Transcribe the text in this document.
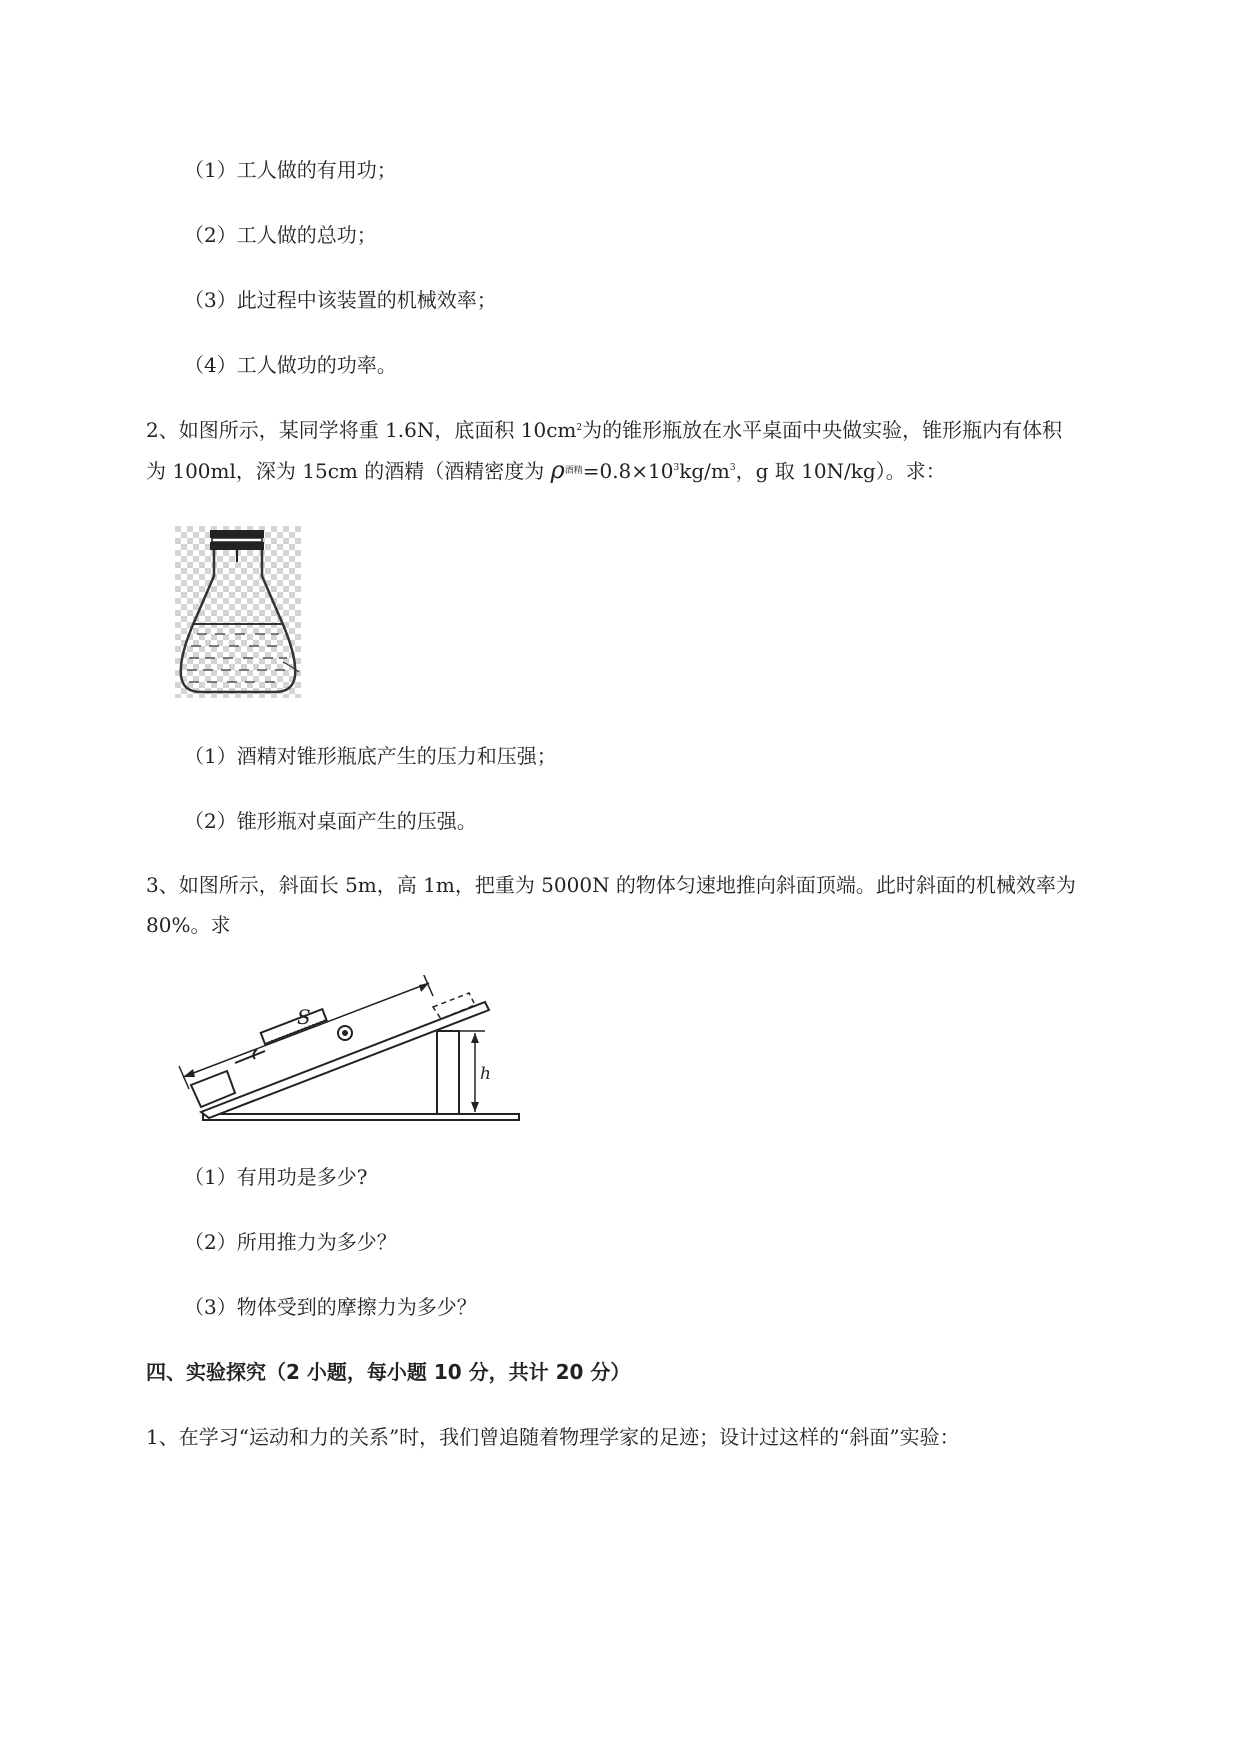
（1）工人做的有用功；
（2）工人做的总功；
（3）此过程中该装置的机械效率；
（4）工人做功的功率。
2、如图所示，某同学将重 1.6N，底面积 $10cm^2$为的锥形瓶放在水平桌面中央做实验，锥形瓶内有体积
为 100ml，深为 15cm 的酒精（酒精密度为 ρ酒精$=0.8\times 10^3kg/m^3$，g 取 10N/kg）。求：
（1）酒精对锥形瓶底产生的压力和压强；
（2）锥形瓶对桌面产生的压强。
3、如图所示，斜面长 5m，高 1m，把重为 5000N 的物体匀速地推向斜面顶端。此时斜面的机械效率为
80%。求
S
h
（1）有用功是多少?
（2）所用推力为多少？
（3）物体受到的摩擦力为多少？
四、实验探究（2 小题，每小题 10 分，共计 20 分）
1、在学习“运动和力的关系”时，我们曾追随着物理学家的足迹；设计过这样的“斜面”实验：
